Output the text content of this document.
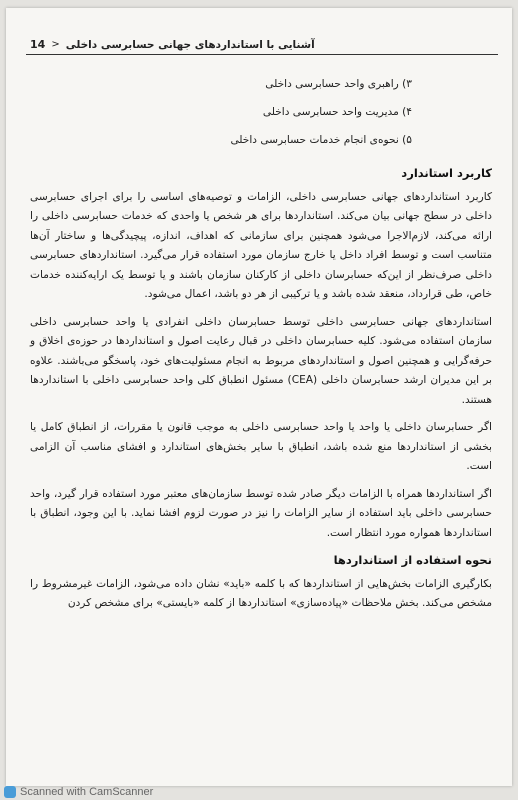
14 < آشنایی با استانداردهای جهانی حسابرسی داخلی
۳) راهبری واحد حسابرسی داخلی
۴) مدیریت واحد حسابرسی داخلی
۵) نحوه‌ی انجام خدمات حسابرسی داخلی
کاربرد استاندارد

کاربرد استانداردهای جهانی حسابرسی داخلی، الزامات و توصیه‌های اساسی را برای اجرای حسابرسی داخلی در سطح جهانی بیان می‌کند. استانداردها برای هر شخص یا واحدی که خدمات حسابرسی داخلی را ارائه می‌کند، لازم‌الاجرا می‌شود همچنین برای سازمانی که اهداف، اندازه، پیچیدگی‌ها و ساختار آن‌ها متناسب است و توسط افراد داخل یا خارج سازمان مورد استفاده قرار می‌گیرد. استانداردهای حسابرسی داخلی صرف‌نظر از این‌که حسابرسان داخلی از کارکنان سازمان باشند و یا توسط یک ارایه‌کننده خدمات خاص، طی قرارداد، منعقد شده باشد و یا ترکیبی از هر دو باشد، اعمال می‌شود.

استانداردهای جهانی حسابرسی داخلی توسط حسابرسان داخلی انفرادی یا واحد حسابرسی داخلی سازمان استفاده می‌شود. کلیه حسابرسان داخلی در قبال رعایت اصول و استانداردها در حوزه‌ی اخلاق و حرفه‌گرایی و همچنین اصول و استانداردهای مربوط به انجام مسئولیت‌های خود، پاسخگو می‌باشند. علاوه بر این مدیران ارشد حسابرسان داخلی (CEA) مسئول انطباق کلی واحد حسابرسی داخلی با استانداردها هستند.

اگر حسابرسان داخلی یا واحد یا واحد حسابرسی داخلی به موجب قانون یا مقررات، از انطباق کامل یا بخشی از استانداردها منع شده باشد، انطباق با سایر بخش‌های استاندارد و افشای مناسب آن الزامی است.

اگر استانداردها همراه با الزامات دیگر صادر شده توسط سازمان‌های معتبر مورد استفاده قرار گیرد، واحد حسابرسی داخلی باید استفاده از سایر الزامات را نیز در صورت لزوم افشا نماید. با این وجود، انطباق با استانداردها همواره مورد انتظار است.

نحوه استفاده از استانداردها

بکارگیری الزامات بخش‌هایی از استانداردها که با کلمه «باید» نشان داده می‌شود، الزامات غیرمشروط را مشخص می‌کند. بخش ملاحظات «پیاده‌سازی» استانداردها از کلمه «بایستی» برای مشخص کردن

Scanned with CamScanner
